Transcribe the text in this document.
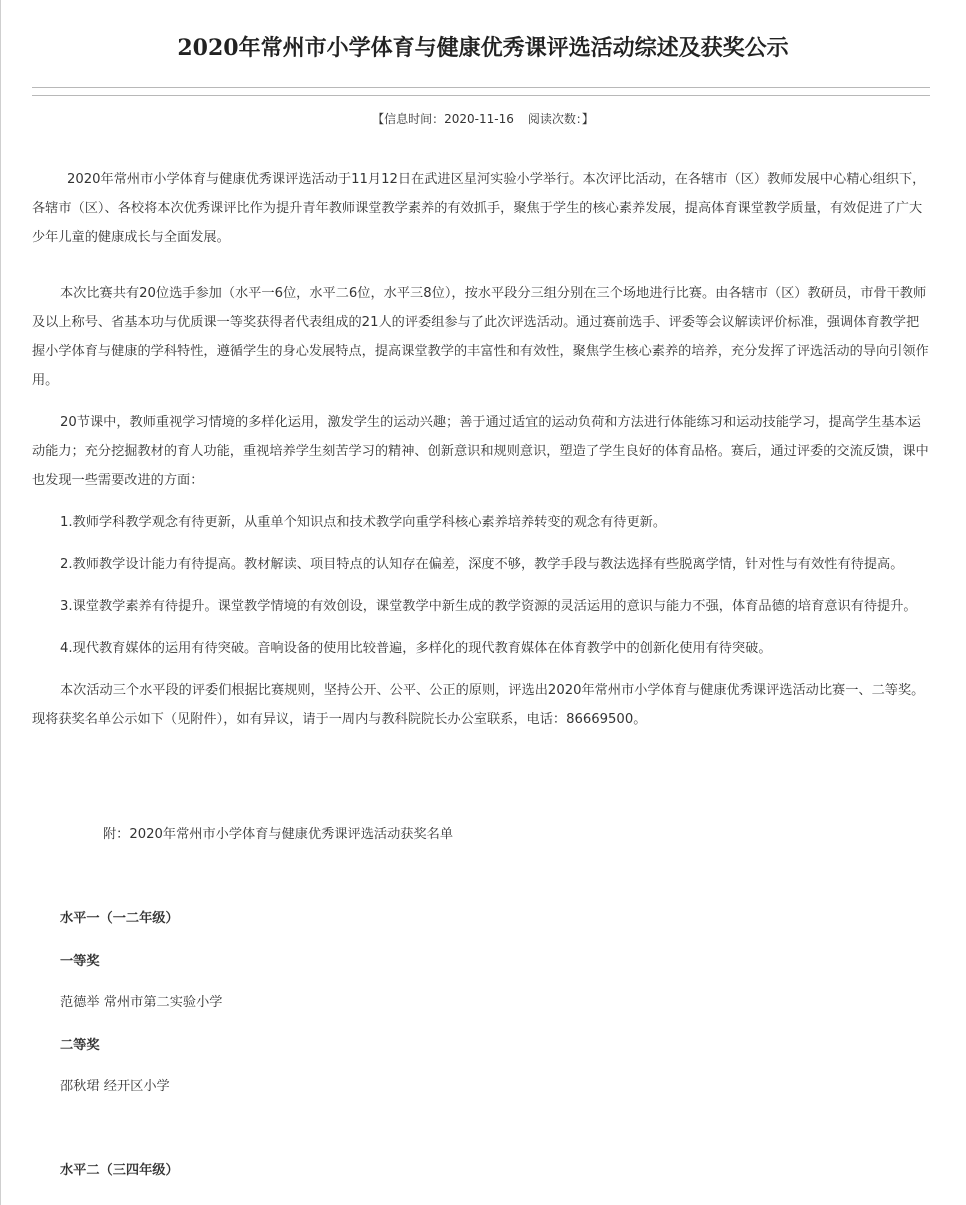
2020年常州市小学体育与健康优秀课评选活动综述及获奖公示
【信息时间：2020-11-16 阅读次数：】

2020年常州市小学体育与健康优秀课评选活动于11月12日在武进区星河实验小学举行。本次评比活动，在各辖市（区）教师发展中心精心组织下，各辖市（区）、各校将本次优秀课评比作为提升青年教师课堂教学素养的有效抓手，聚焦于学生的核心素养发展，提高体育课堂教学质量，有效促进了广大少年儿童的健康成长与全面发展。

本次比赛共有20位选手参加（水平一6位，水平二6位，水平三8位），按水平段分三组分别在三个场地进行比赛。由各辖市（区）教研员，市骨干教师及以上称号、省基本功与优质课一等奖获得者代表组成的21人的评委组参与了此次评选活动。通过赛前选手、评委等会议解读评价标准，强调体育教学把握小学体育与健康的学科特性，遵循学生的身心发展特点，提高课堂教学的丰富性和有效性，聚焦学生核心素养的培养，充分发挥了评选活动的导向引领作用。

20节课中，教师重视学习情境的多样化运用，激发学生的运动兴趣；善于通过适宜的运动负荷和方法进行体能练习和运动技能学习，提高学生基本运动能力；充分挖掘教材的育人功能，重视培养学生刻苦学习的精神、创新意识和规则意识，塑造了学生良好的体育品格。赛后，通过评委的交流反馈，课中也发现一些需要改进的方面：

1.教师学科教学观念有待更新，从重单个知识点和技术教学向重学科核心素养培养转变的观念有待更新。

2.教师教学设计能力有待提高。教材解读、项目特点的认知存在偏差，深度不够，教学手段与教法选择有些脱离学情，针对性与有效性有待提高。

3.课堂教学素养有待提升。课堂教学情境的有效创设，课堂教学中新生成的教学资源的灵活运用的意识与能力不强，体育品德的培育意识有待提升。

4.现代教育媒体的运用有待突破。音响设备的使用比较普遍，多样化的现代教育媒体在体育教学中的创新化使用有待突破。

本次活动三个水平段的评委们根据比赛规则，坚持公开、公平、公正的原则，评选出2020年常州市小学体育与健康优秀课评选活动比赛一、二等奖。现将获奖名单公示如下（见附件），如有异议，请于一周内与教科院院长办公室联系，电话：86669500。

附：2020年常州市小学体育与健康优秀课评选活动获奖名单
水平一（一二年级）
一等奖
范德举 常州市第二实验小学
二等奖
邵秋珺 经开区小学
水平二（三四年级）
